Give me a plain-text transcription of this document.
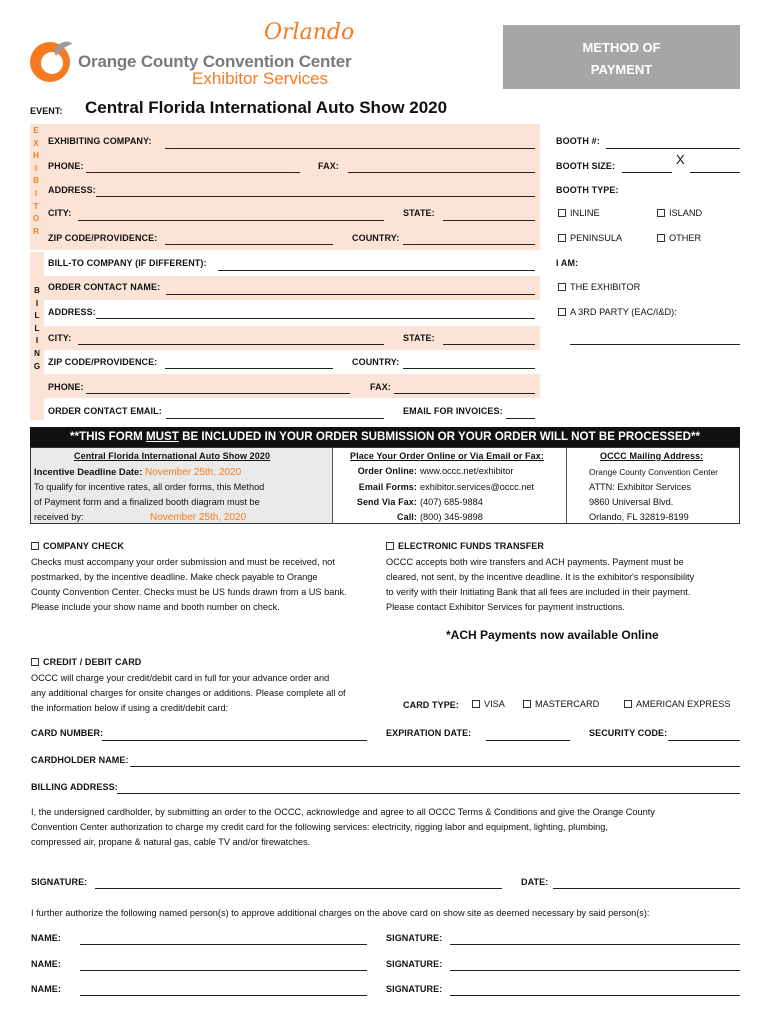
Orlando
Orange County Convention Center
Exhibitor Services
METHOD OF
PAYMENT
EVENT: Central Florida International Auto Show 2020
E
X
H
I
B
I
T
O
R
EXHIBITING COMPANY:
PHONE:	FAX:
ADDRESS:
CITY:	STATE:
ZIP CODE/PROVIDENCE:	COUNTRY:
BOOTH #:
BOOTH SIZE:	X
BOOTH TYPE:
INLINE	ISLAND
PENINSULA	OTHER
B
I
L
L
I
N
G
BILL-TO COMPANY (IF DIFFERENT):
ORDER CONTACT NAME:
ADDRESS:
CITY:	STATE:
ZIP CODE/PROVIDENCE:	COUNTRY:
PHONE:	FAX:
ORDER CONTACT EMAIL:	EMAIL FOR INVOICES:
I AM:
THE EXHIBITOR
A 3RD PARTY (EAC/I&D):
**THIS FORM MUST BE INCLUDED IN YOUR ORDER SUBMISSION OR YOUR ORDER WILL NOT BE PROCESSED**
Central Florida International Auto Show 2020
Incentive Deadline Date: November 25th, 2020
To qualify for incentive rates, all order forms, this Method
of Payment form and a finalized booth diagram must be
received by:	November 25th, 2020
Place Your Order Online or Via Email or Fax:
Order Online: www.occc.net/exhibitor
Email Forms: exhibitor.services@occc.net
Send Via Fax: (407) 685-9884
Call: (800) 345-9898
OCCC Mailing Address:
Orange County Convention Center
ATTN: Exhibitor Services
9860 Universal Blvd.
Orlando, FL 32819-8199
COMPANY CHECK
Checks must accompany your order submission and must be received, not
postmarked, by the incentive deadline. Make check payable to Orange
County Convention Center. Checks must be US funds drawn from a US bank.
Please include your show name and booth number on check.
ELECTRONIC FUNDS TRANSFER
OCCC accepts both wire transfers and ACH payments. Payment must be
cleared, not sent, by the incentive deadline. It is the exhibitor's responsibility
to verify with their Initiating Bank that all fees are included in their payment.
Please contact Exhibitor Services for payment instructions.
*ACH Payments now available Online
CREDIT / DEBIT CARD
OCCC will charge your credit/debit card in full for your advance order and
any additional charges for onsite changes or additions. Please complete all of
the information below if using a credit/debit card:	CARD TYPE:	VISA	MASTERCARD	AMERICAN EXPRESS
CARD NUMBER:	EXPIRATION DATE:	SECURITY CODE:
CARDHOLDER NAME:
BILLING ADDRESS:
I, the undersigned cardholder, by submitting an order to the OCCC, acknowledge and agree to all OCCC Terms & Conditions and give the Orange County
Convention Center authorization to charge my credit card for the following services: electricity, rigging labor and equipment, lighting, plumbing,
compressed air, propane & natural gas, cable TV and/or firewatches.
SIGNATURE:	DATE:
I further authorize the following named person(s) to approve additional charges on the above card on show site as deemed necessary by said person(s):
NAME:	SIGNATURE:
NAME:	SIGNATURE:
NAME:	SIGNATURE:
